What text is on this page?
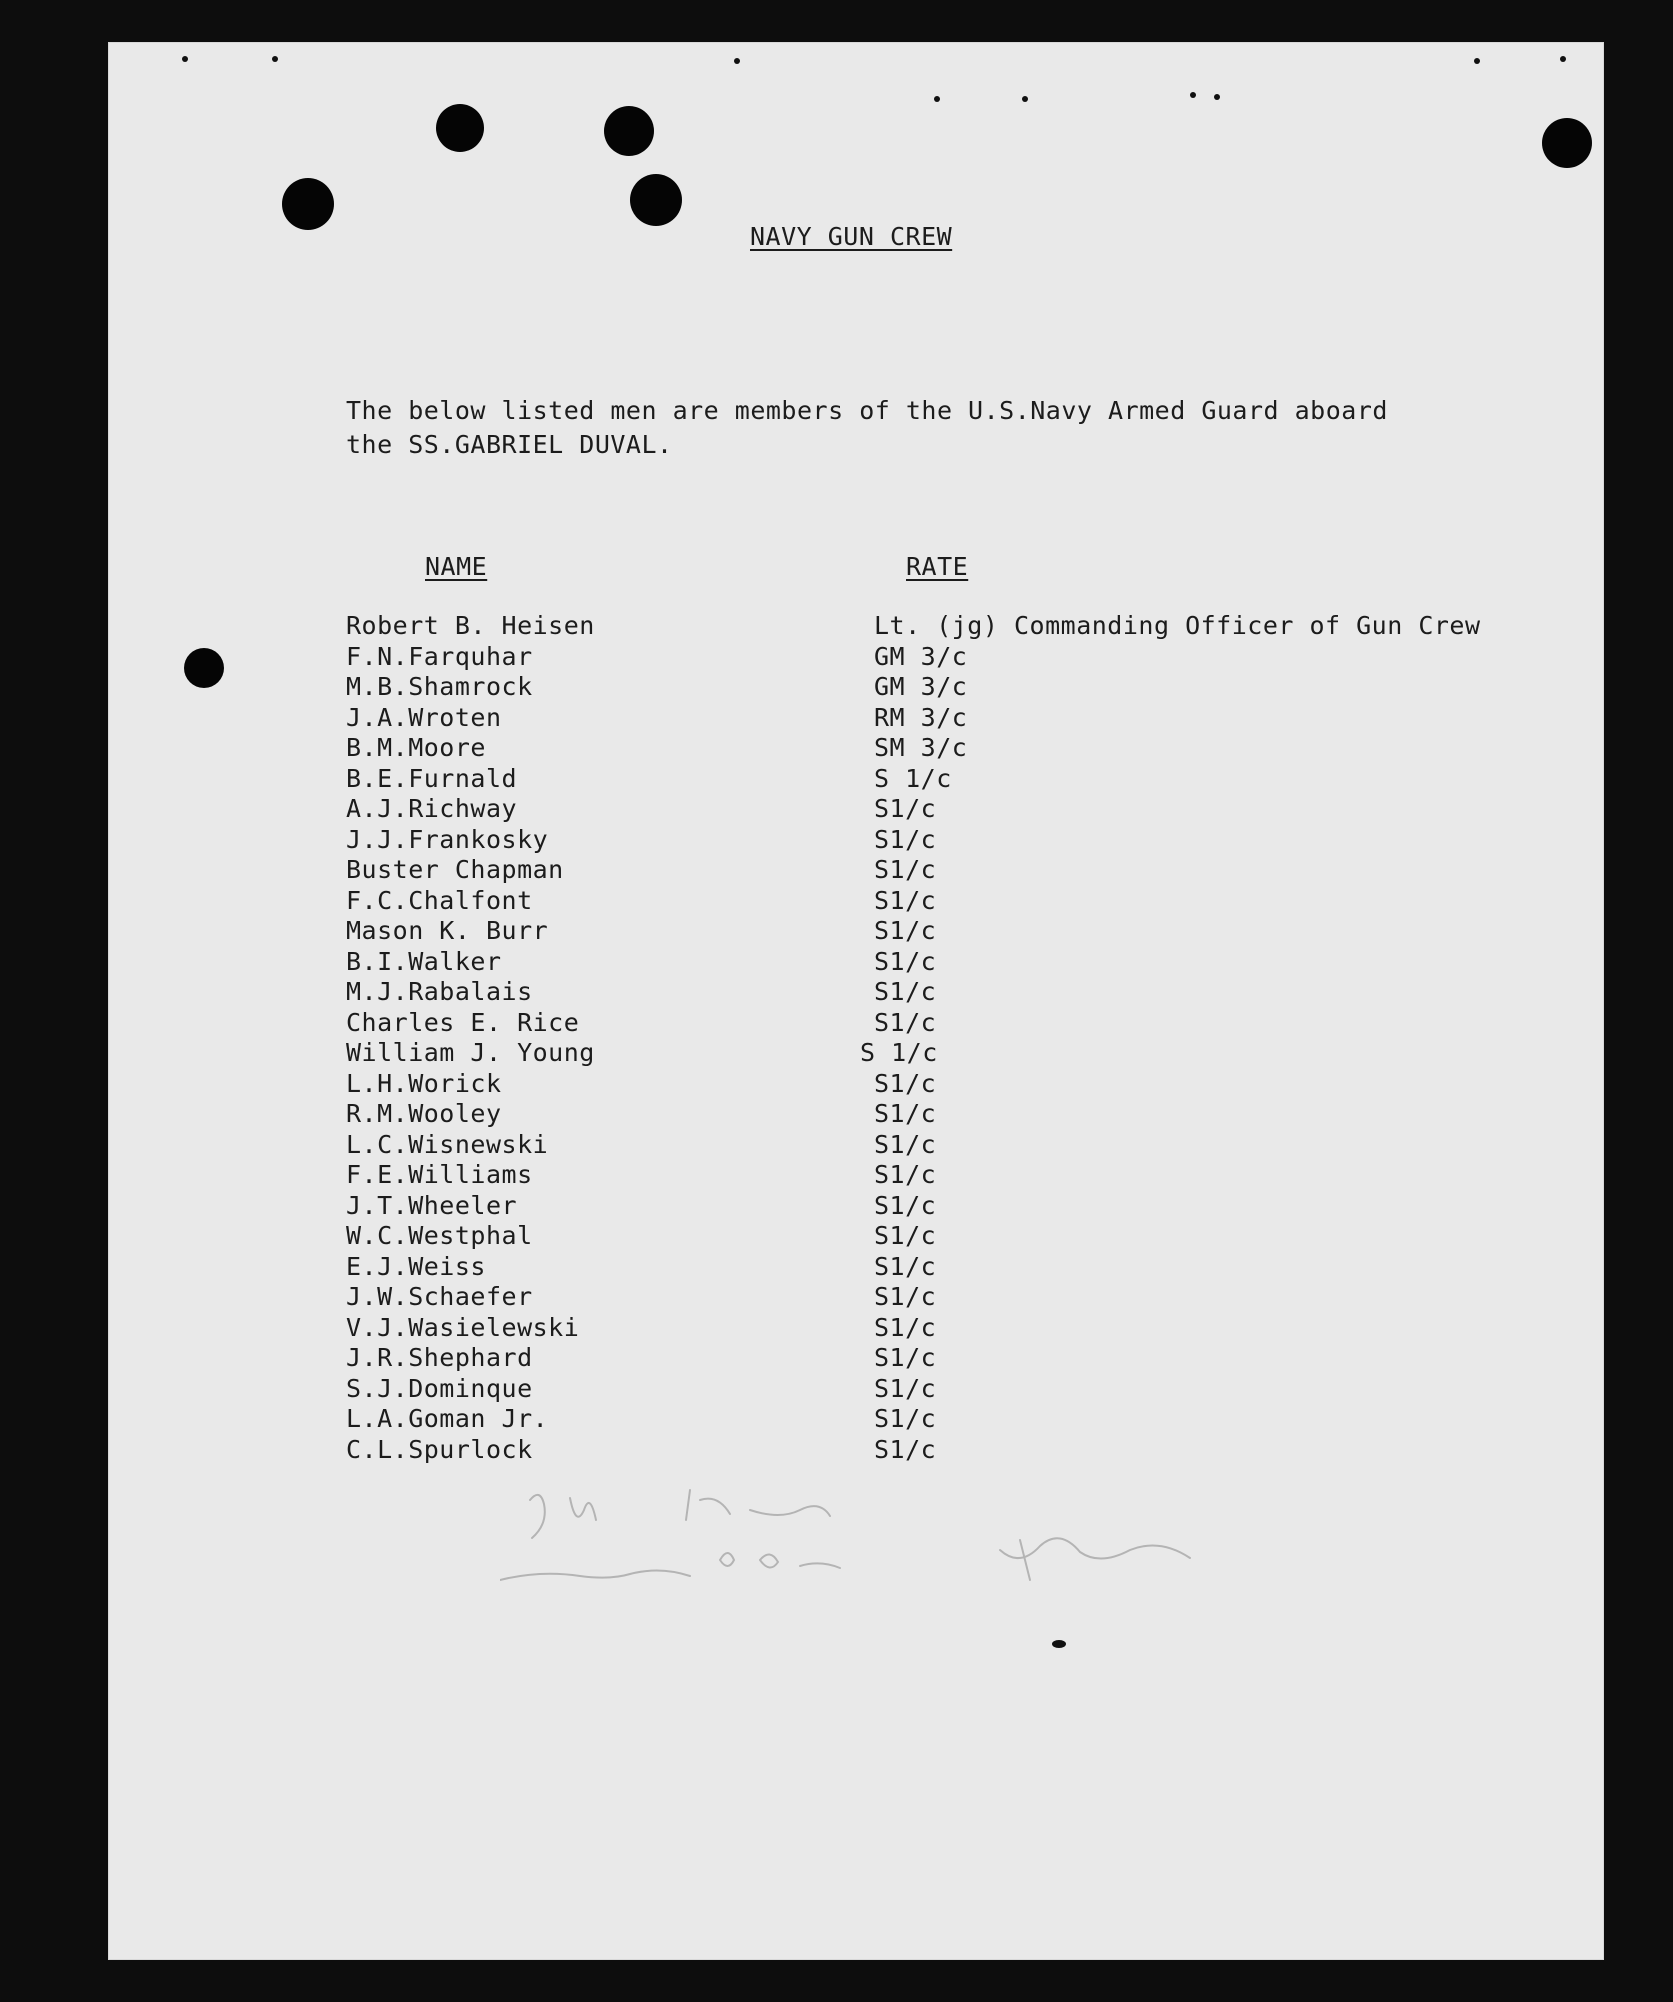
NAVY GUN CREW
The below listed men are members of the U.S.Navy Armed Guard aboard
the SS.GABRIEL DUVAL.
NAME	RATE
Robert B. Heisen	Lt. (jg) Commanding Officer of Gun Crew
F.N.Farquhar	GM 3/c
M.B.Shamrock	GM 3/c
J.A.Wroten	RM 3/c
B.M.Moore	SM 3/c
B.E.Furnald	S 1/c
A.J.Richway	S1/c
J.J.Frankosky	S1/c
Buster Chapman	S1/c
F.C.Chalfont	S1/c
Mason K. Burr	S1/c
B.I.Walker	S1/c
M.J.Rabalais	S1/c
Charles E. Rice	S1/c
William J. Young	S 1/c
L.H.Worick	S1/c
R.M.Wooley	S1/c
L.C.Wisnewski	S1/c
F.E.Williams	S1/c
J.T.Wheeler	S1/c
W.C.Westphal	S1/c
E.J.Weiss	S1/c
J.W.Schaefer	S1/c
V.J.Wasielewski	S1/c
J.R.Shephard	S1/c
S.J.Dominque	S1/c
L.A.Goman Jr.	S1/c
C.L.Spurlock	S1/c
